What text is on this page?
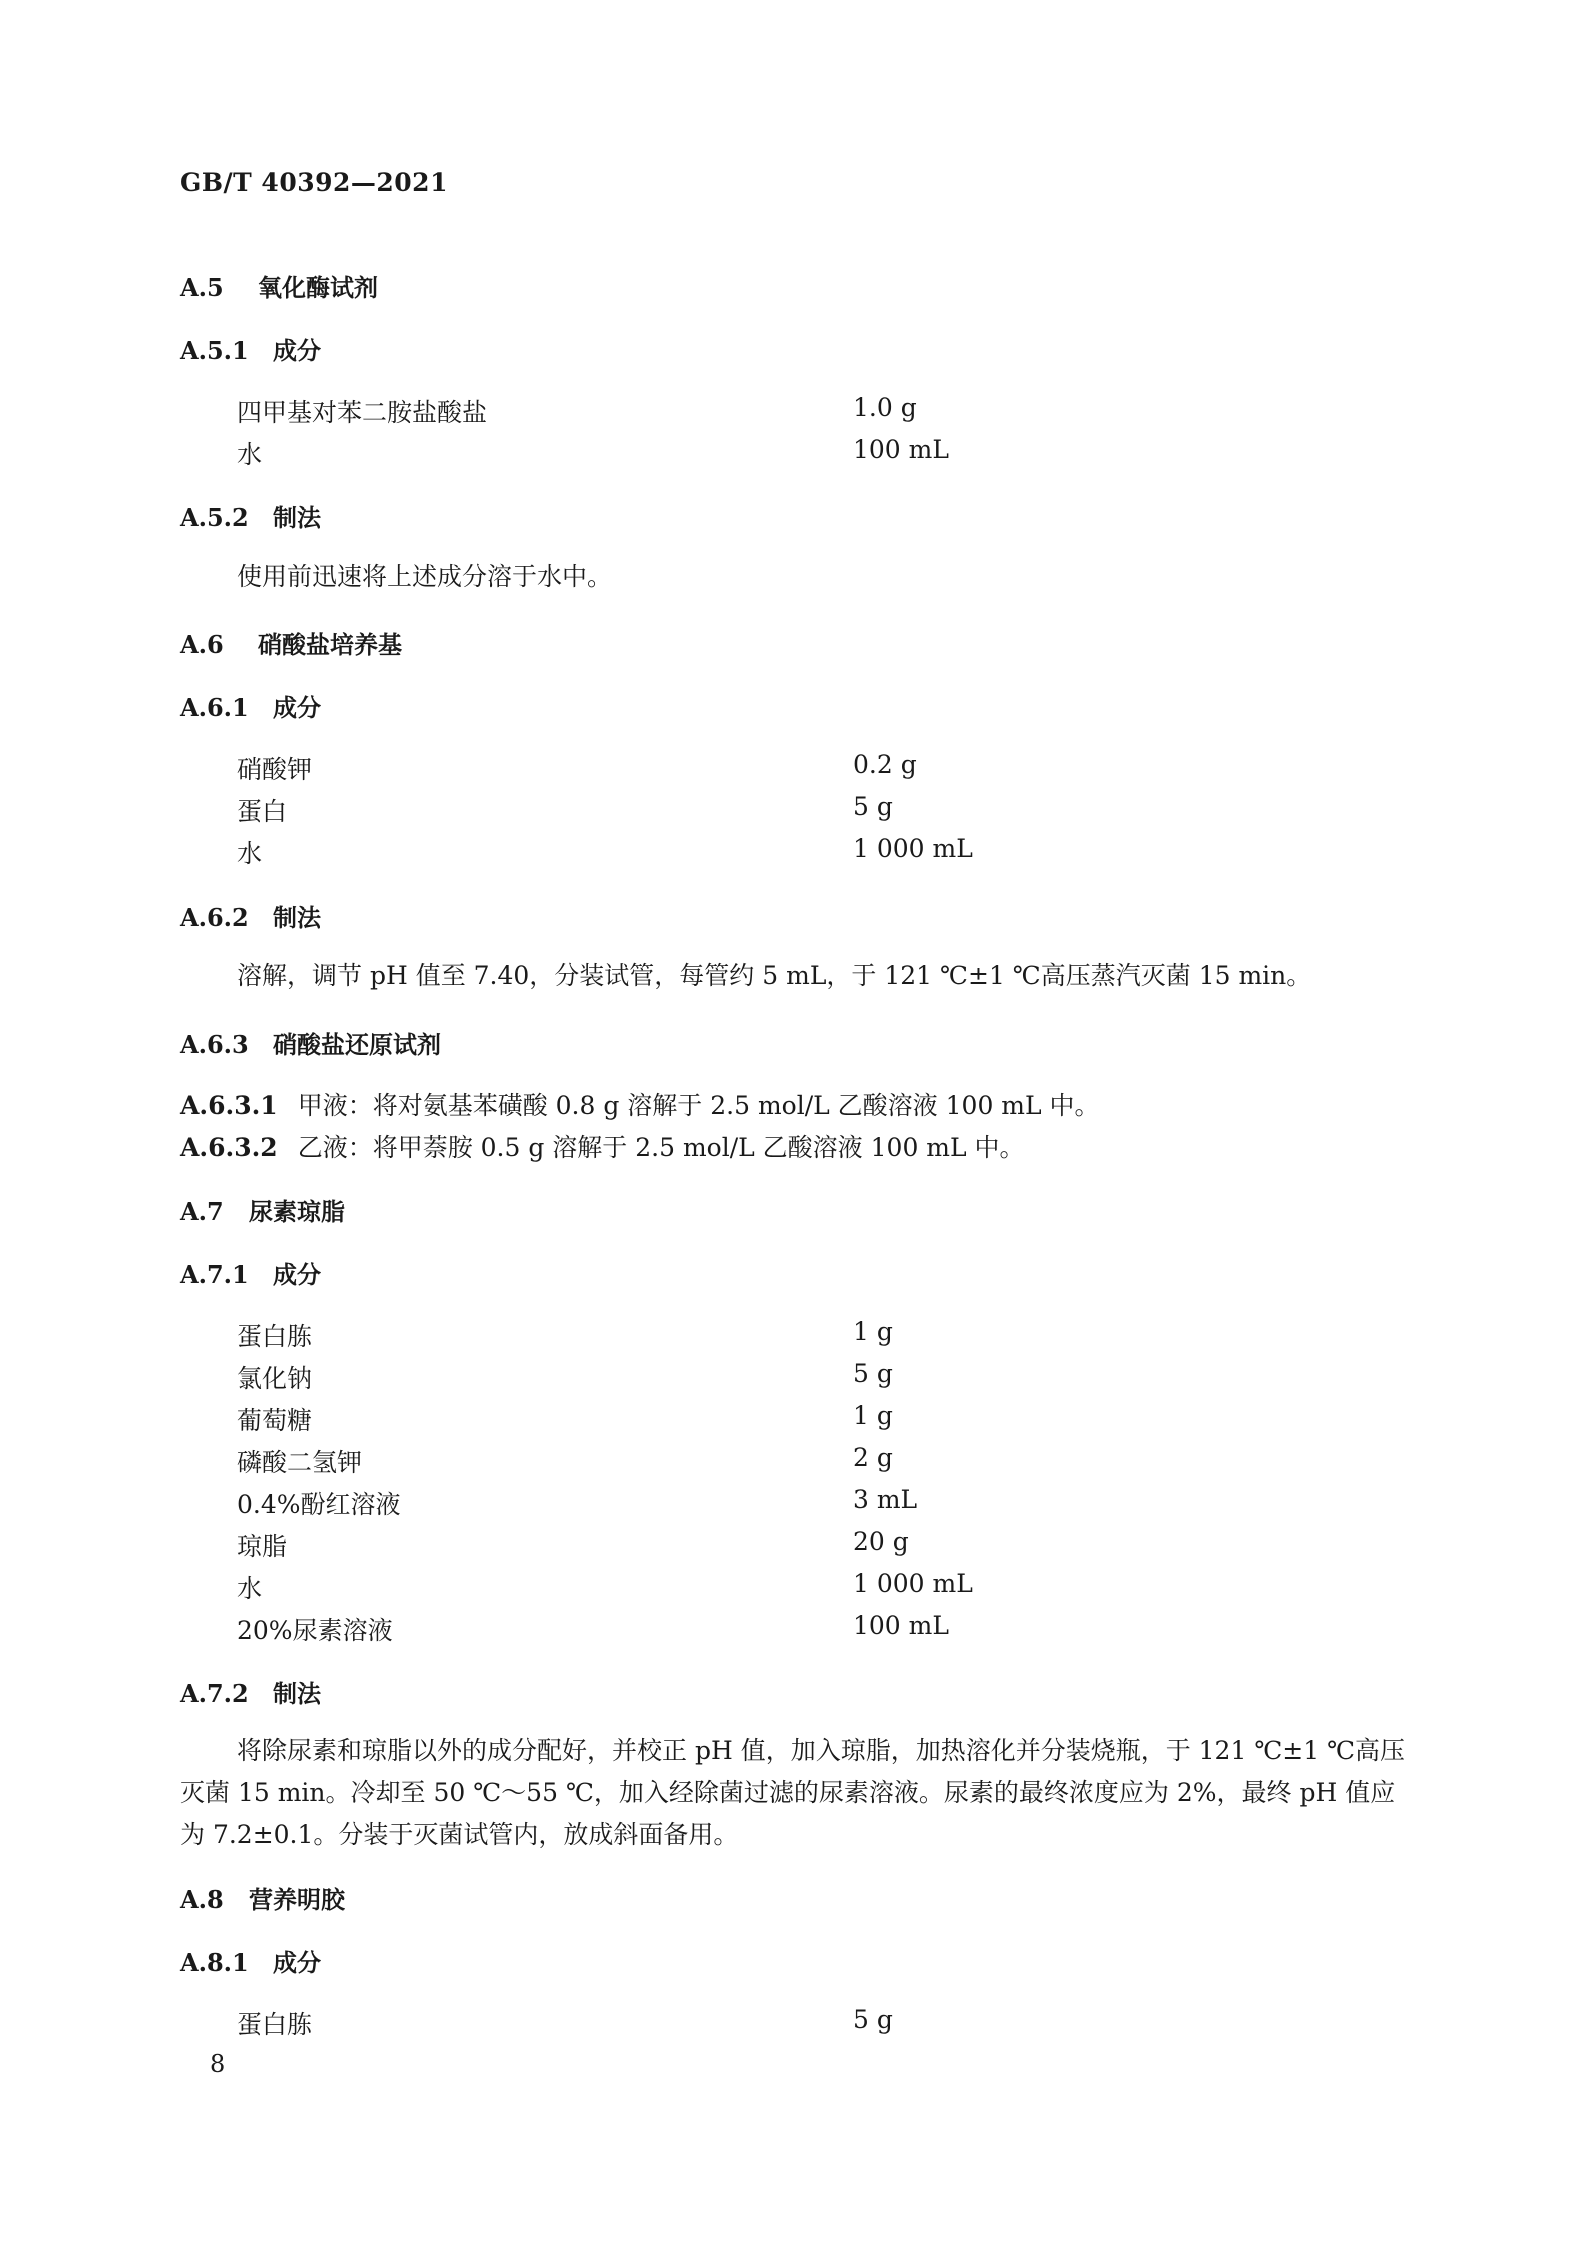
GB/T 40392—2021
A.5 氧化酶试剂
A.5.1 成分
四甲基对苯二胺盐酸盐	1.0 g
水	100 mL
A.5.2 制法
使用前迅速将上述成分溶于水中。
A.6 硝酸盐培养基
A.6.1 成分
硝酸钾	0.2 g
蛋白	5 g
水	1 000 mL
A.6.2 制法
溶解，调节 pH 值至 7.40，分装试管，每管约 5 mL，于 121 ℃±1 ℃高压蒸汽灭菌 15 min。
A.6.3 硝酸盐还原试剂
A.6.3.1 甲液：将对氨基苯磺酸 0.8 g 溶解于 2.5 mol/L 乙酸溶液 100 mL 中。
A.6.3.2 乙液：将甲萘胺 0.5 g 溶解于 2.5 mol/L 乙酸溶液 100 mL 中。
A.7 尿素琼脂
A.7.1 成分
蛋白胨	1 g
氯化钠	5 g
葡萄糖	1 g
磷酸二氢钾	2 g
0.4%酚红溶液	3 mL
琼脂	20 g
水	1 000 mL
20%尿素溶液	100 mL
A.7.2 制法
将除尿素和琼脂以外的成分配好，并校正 pH 值，加入琼脂，加热溶化并分装烧瓶，于 121 ℃±1 ℃高压灭菌 15 min。冷却至 50 ℃～55 ℃，加入经除菌过滤的尿素溶液。尿素的最终浓度应为 2%，最终 pH 值应为 7.2±0.1。分装于灭菌试管内，放成斜面备用。
A.8 营养明胶
A.8.1 成分
蛋白胨	5 g
8
